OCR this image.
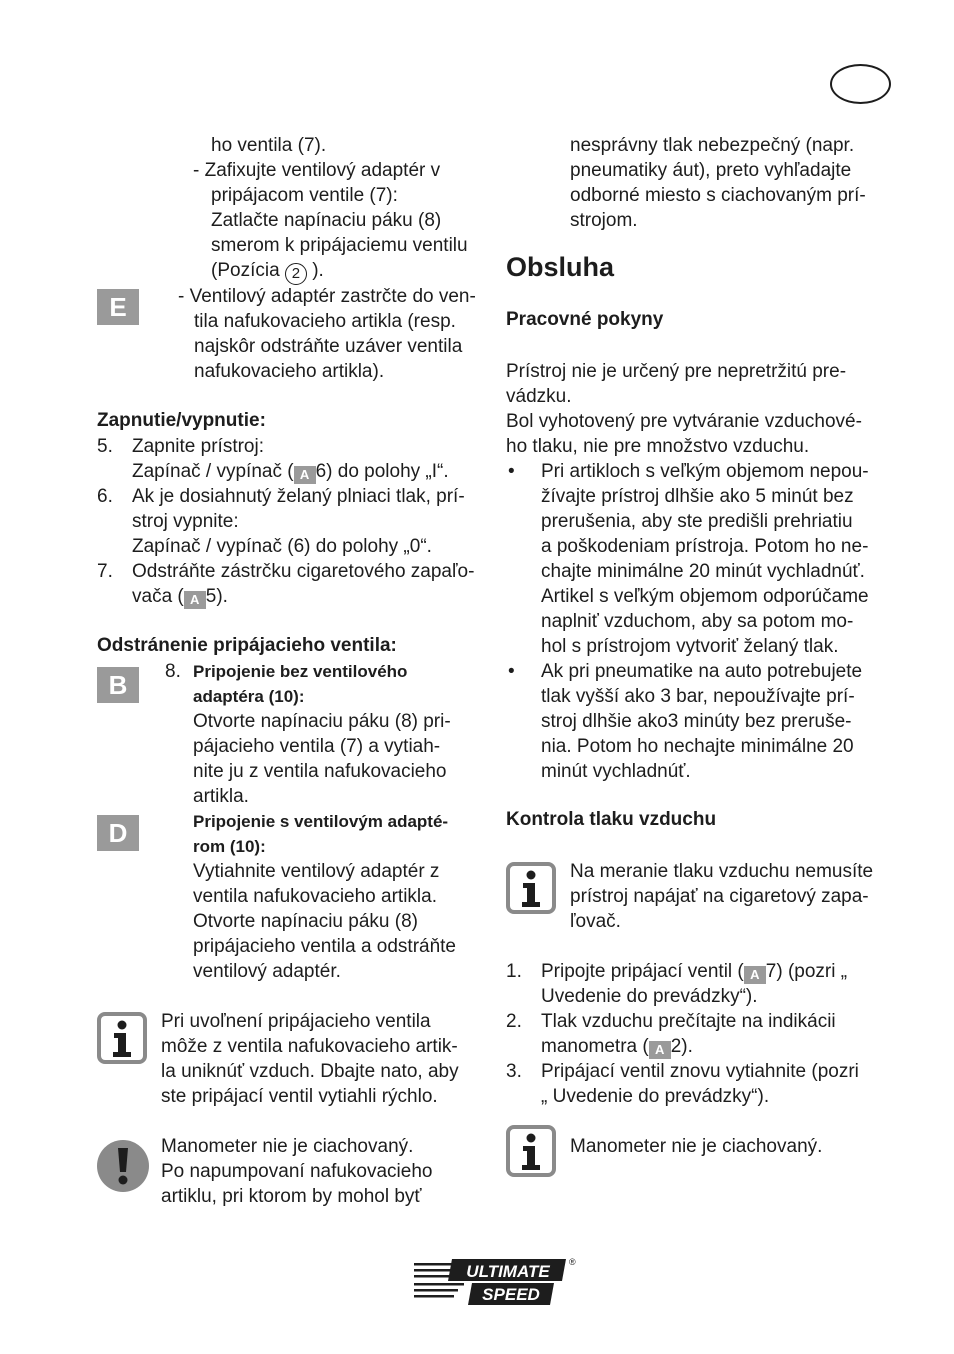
ho ventila (7).
- Zafixujte ventilový adaptér v
pripájacom ventile (7):
Zatlačte napínaciu páku (8)
smerom k pripájaciemu ventilu
(Pozícia 2 ).
E	- Ventilový adaptér zastrčte do ven-
tila nafukovacieho artikla (resp.
najskôr odstráňte uzáver ventila
nafukovacieho artikla).
Zapnutie/vypnutie:
5. Zapnite prístroj:
Zapínač / vypínač ( A 6) do polohy „I“.
6. Ak je dosiahnutý želaný plniaci tlak, prí-
stroj vypnite:
Zapínač / vypínač (6) do polohy „0“.
7. Odstráňte zástrčku cigaretového zapaľo-
vača ( A 5).
Odstránenie pripájacieho ventila:
B	8. Pripojenie bez ventilového
adaptéra (10):
Otvorte napínaciu páku (8) pri-
pájacieho ventila (7) a vytiah-
nite ju z ventila nafukovacieho
artikla.
D	Pripojenie s ventilovým adapté-
rom (10):
Vytiahnite ventilový adaptér z
ventila nafukovacieho artikla.
Otvorte napínaciu páku (8)
pripájacieho ventila a odstráňte
ventilový adaptér.
Pri uvoľnení pripájacieho ventila
môže z ventila nafukovacieho artik-
la uniknúť vzduch. Dbajte nato, aby
ste pripájací ventil vytiahli rýchlo.
Manometer nie je ciachovaný.
Po napumpovaní nafukovacieho
artiklu, pri ktorom by mohol byť
nesprávny tlak nebezpečný (napr.
pneumatiky áut), preto vyhľadajte
odborné miesto s ciachovaným prí-
strojom.
Obsluha
Pracovné pokyny
Prístroj nie je určený pre nepretržitú pre-
vádzku.
Bol vyhotovený pre vytváranie vzduchové-
ho tlaku, nie pre množstvo vzduchu.
• Pri artikloch s veľkým objemom nepou-
žívajte prístroj dlhšie ako 5 minút bez
prerušenia, aby ste predišli prehriatiu
a poškodeniam prístroja. Potom ho ne-
chajte minimálne 20 minút vychladnúť.
Artikel s veľkým objemom odporúčame
naplniť vzduchom, aby sa potom mo-
hol s prístrojom vytvoriť želaný tlak.
• Ak pri pneumatike na auto potrebujete
tlak vyšší ako 3 bar, nepoužívajte prí-
stroj dlhšie ako3 minúty bez preruše-
nia. Potom ho nechajte minimálne 20
minút vychladnúť.
Kontrola tlaku vzduchu
Na meranie tlaku vzduchu nemusíte
prístroj napájať na cigaretový zapa-
ľovač.
1. Pripojte pripájací ventil ( A 7) (pozri „
Uvedenie do prevádzky“).
2. Tlak vzduchu prečítajte na indikácii
manometra ( A 2).
3. Pripájací ventil znovu vytiahnite (pozri
„ Uvedenie do prevádzky“).
Manometer nie je ciachovaný.
ULTIMATE
SPEED
®
